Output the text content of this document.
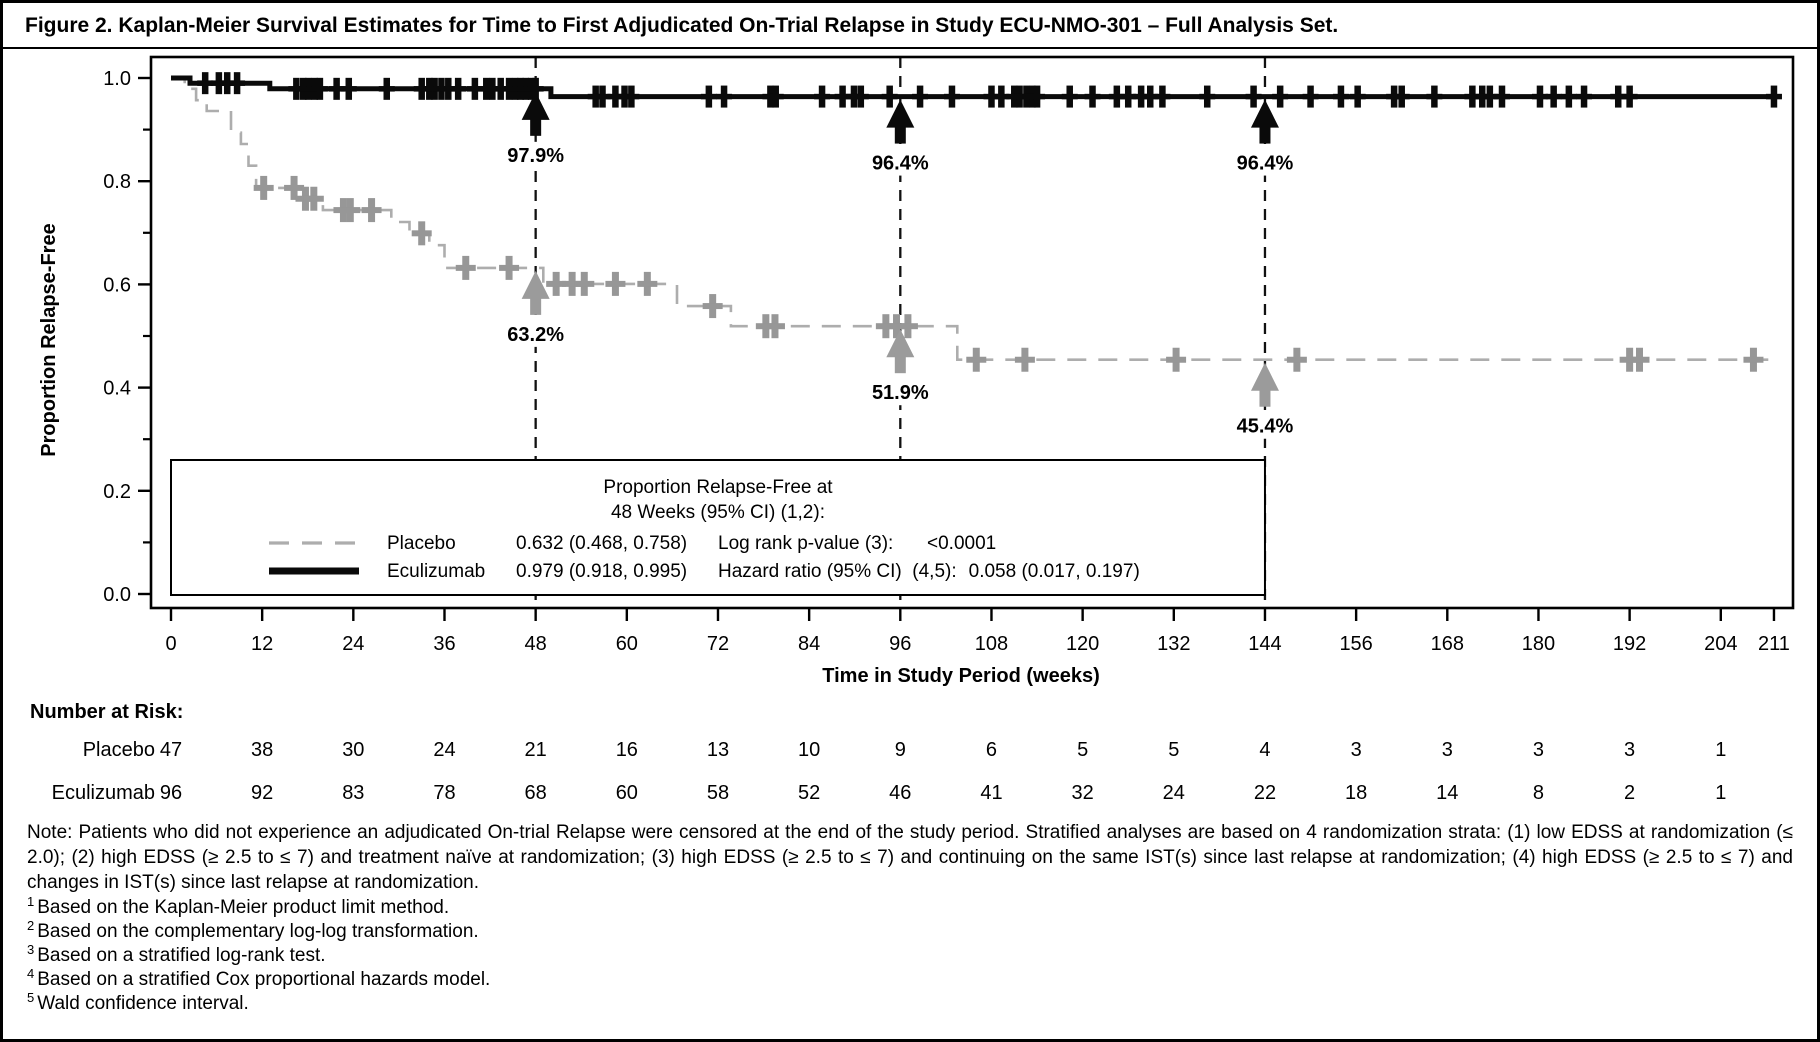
Figure 2. Kaplan-Meier Survival Estimates for Time to First Adjudicated On-Trial Relapse in Study ECU-NMO-301 – Full Analysis Set.
Proportion Relapse-Free at
48 Weeks (95% CI) (1,2):
Placebo	0.632 (0.468, 0.758) Log rank p-value (3): <0.0001
Eculizumab 0.979 (0.918, 0.995) Hazard ratio (95% CI)  (4,5): 0.058 (0.017, 0.197)
97.9%
63.2%
96.4%
51.9%
96.4%
45.4%
1.0
0.8
0.6
0.4
0.2
0.0
0	12	24	36	48	60	72	84	96	108	120	132	144	156	168	180	192	204 211
Time in Study Period (weeks)
Proportion Relapse-Free
Number at Risk:
Placebo 47	38	30	24	21	16	13	10	9	6	5	5	4	3	3	3	3	1
Eculizumab 96	92	83	78	68	60	58	52	46	41	32	24	22	18	14	8	2	1

Note: Patients who did not experience an adjudicated On-trial Relapse were censored at the end of the study period. Stratified analyses are based on 4 randomization strata: (1) low EDSS at randomization (≤ 2.0); (2) high EDSS (≥ 2.5 to ≤ 7) and treatment naïve at randomization; (3) high EDSS (≥ 2.5 to ≤ 7) and continuing on the same IST(s) since last relapse at randomization; (4) high EDSS (≥ 2.5 to ≤ 7) and changes in IST(s) since last relapse at randomization.

$^1$ Based on the Kaplan-Meier product limit method.
$^2$ Based on the complementary log-log transformation.
$^3$ Based on a stratified log-rank test.
$^4$ Based on a stratified Cox proportional hazards model.
$^5$ Wald confidence interval.
